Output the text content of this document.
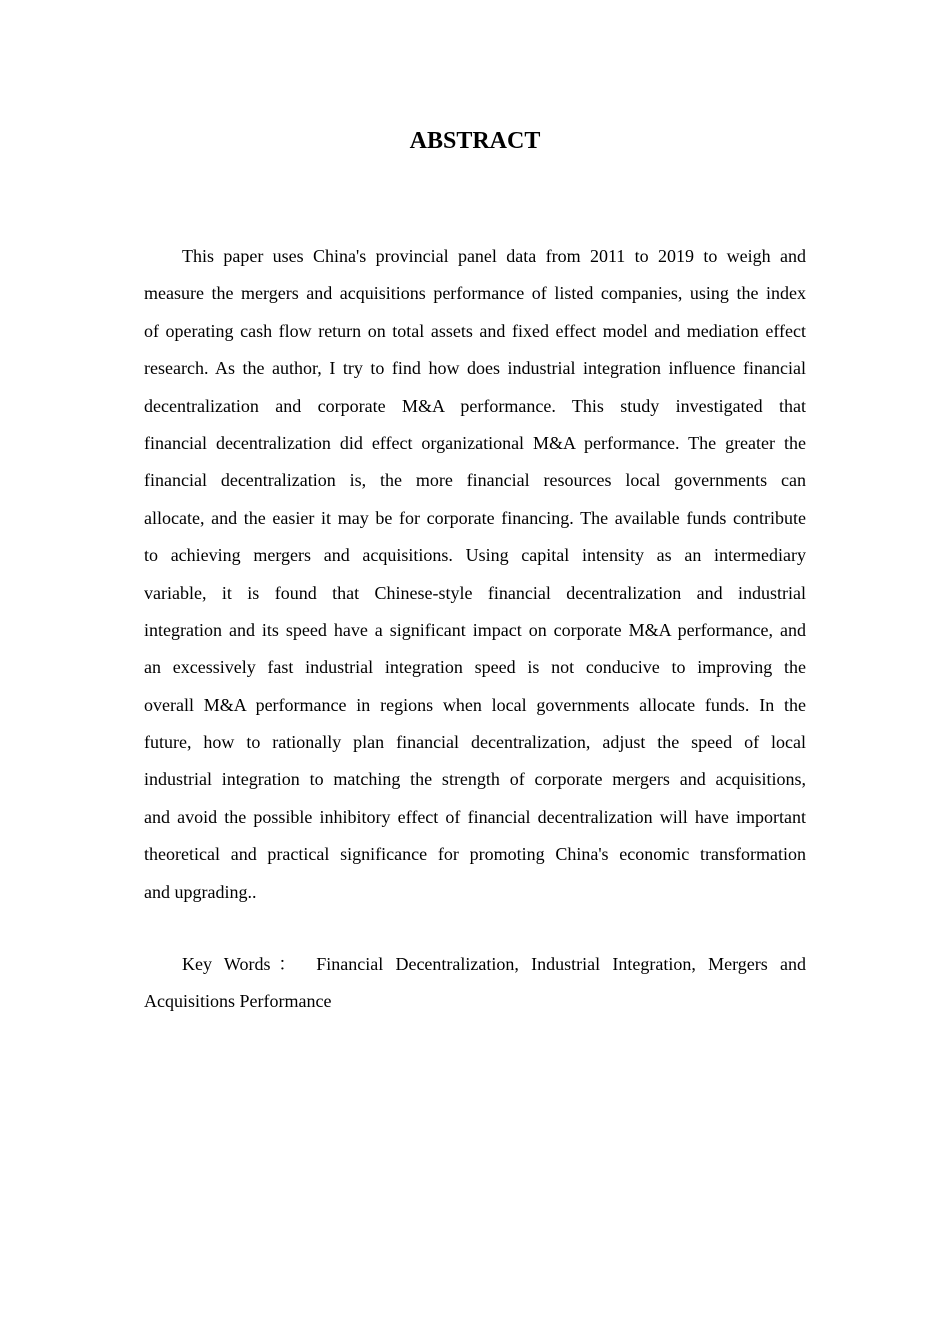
ABSTRACT
This paper uses China's provincial panel data from 2011 to 2019 to weigh and
measure the mergers and acquisitions performance of listed companies, using the index
of operating cash flow return on total assets and fixed effect model and mediation effect
research. As the author, I try to find how does industrial integration influence financial
decentralization and corporate M&A performance. This study investigated that
financial decentralization did effect organizational M&A performance. The greater the
financial decentralization is, the more financial resources local governments can
allocate, and the easier it may be for corporate financing. The available funds contribute
to achieving mergers and acquisitions. Using capital intensity as an intermediary
variable, it is found that Chinese-style financial decentralization and industrial
integration and its speed have a significant impact on corporate M&A performance, and
an excessively fast industrial integration speed is not conducive to improving the
overall M&A performance in regions when local governments allocate funds. In the
future, how to rationally plan financial decentralization, adjust the speed of local
industrial integration to matching the strength of corporate mergers and acquisitions,
and avoid the possible inhibitory effect of financial decentralization will have important
theoretical and practical significance for promoting China's economic transformation
and upgrading..
Key Words： Financial Decentralization, Industrial Integration, Mergers and
Acquisitions Performance
